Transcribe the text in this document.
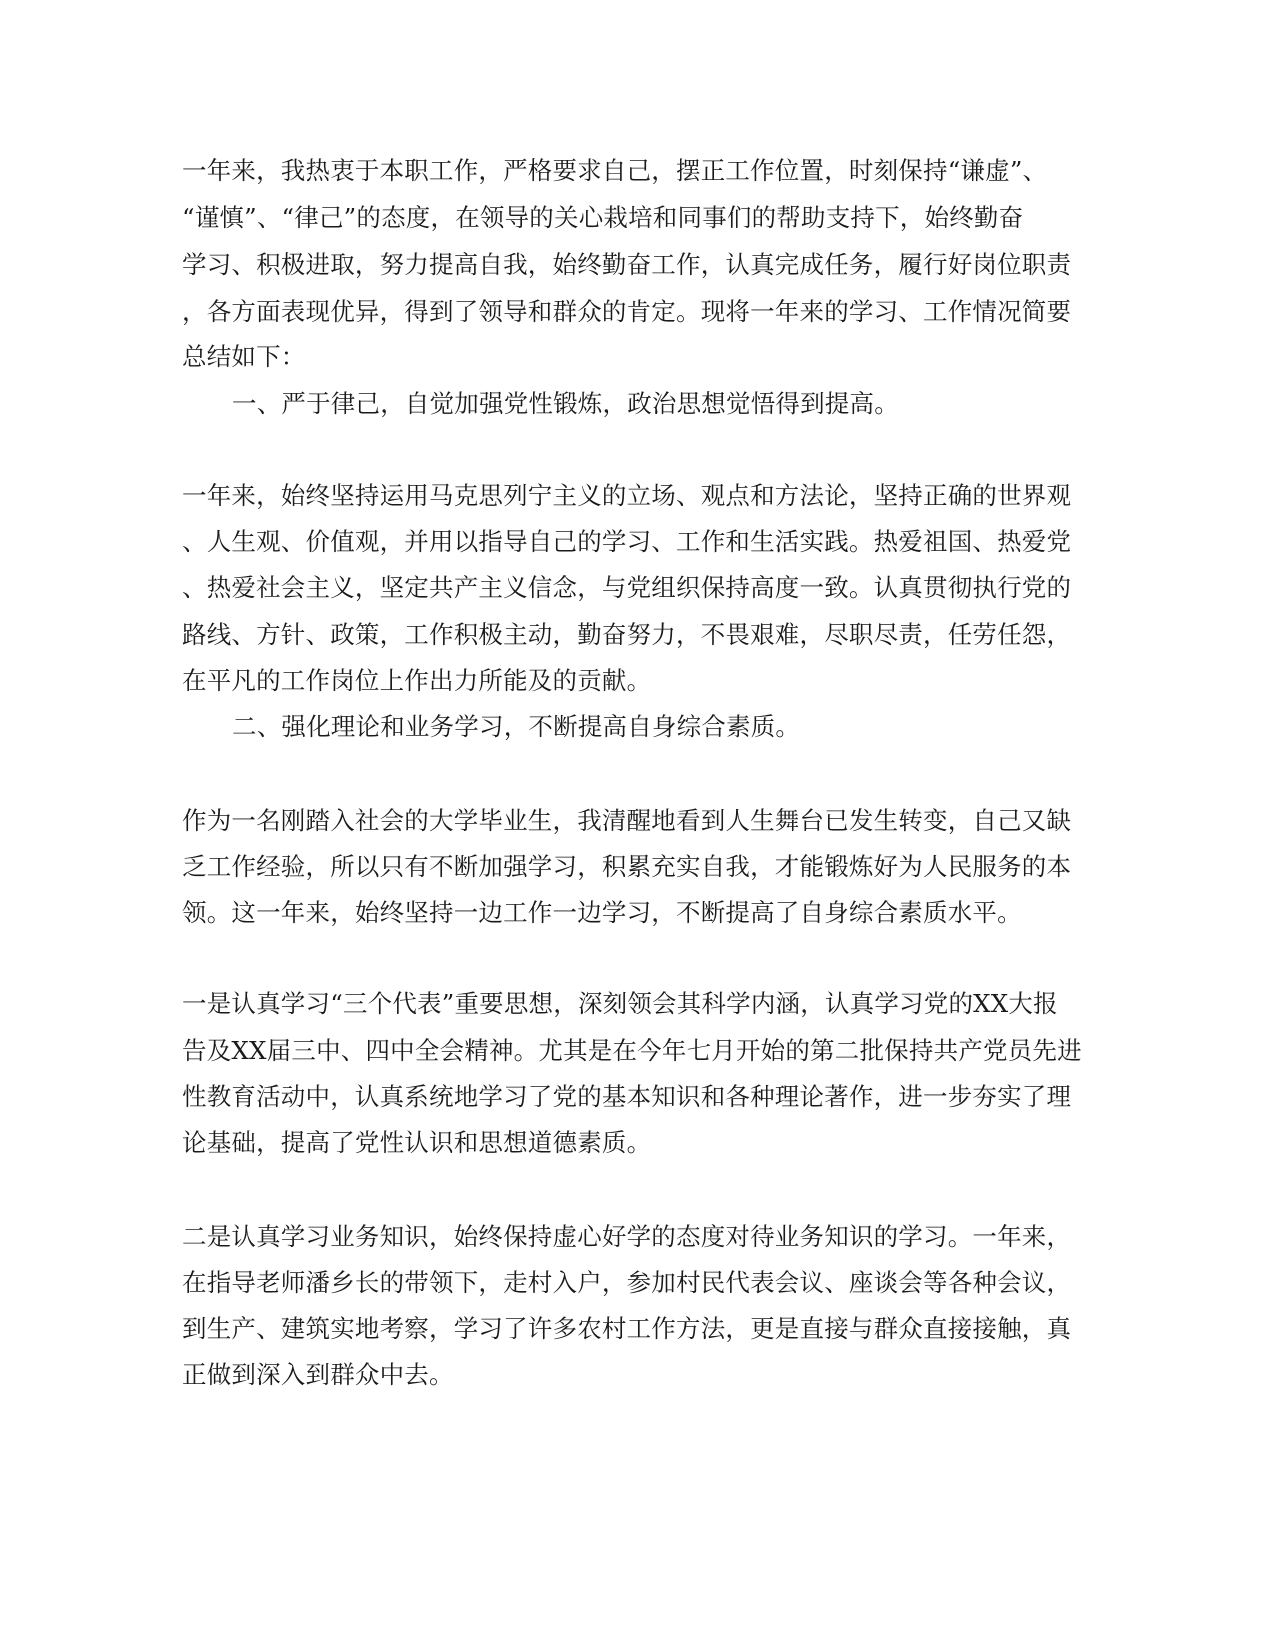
一年来，我热衷于本职工作，严格要求自己，摆正工作位置，时刻保持“谦虚”、
“谨慎”、“律己”的态度，在领导的关心栽培和同事们的帮助支持下，始终勤奋
学习、积极进取，努力提高自我，始终勤奋工作，认真完成任务，履行好岗位职责
，各方面表现优异，得到了领导和群众的肯定。现将一年来的学习、工作情况简要
总结如下：
一、严于律己，自觉加强党性锻炼，政治思想觉悟得到提高。
一年来，始终坚持运用马克思列宁主义的立场、观点和方法论，坚持正确的世界观
、人生观、价值观，并用以指导自己的学习、工作和生活实践。热爱祖国、热爱党
、热爱社会主义，坚定共产主义信念，与党组织保持高度一致。认真贯彻执行党的
路线、方针、政策，工作积极主动，勤奋努力，不畏艰难，尽职尽责，任劳任怨，
在平凡的工作岗位上作出力所能及的贡献。
二、强化理论和业务学习，不断提高自身综合素质。
作为一名刚踏入社会的大学毕业生，我清醒地看到人生舞台已发生转变，自己又缺
乏工作经验，所以只有不断加强学习，积累充实自我，才能锻炼好为人民服务的本
领。这一年来，始终坚持一边工作一边学习，不断提高了自身综合素质水平。
一是认真学习“三个代表”重要思想，深刻领会其科学内涵，认真学习党的XX大报
告及XX届三中、四中全会精神。尤其是在今年七月开始的第二批保持共产党员先进
性教育活动中，认真系统地学习了党的基本知识和各种理论著作，进一步夯实了理
论基础，提高了党性认识和思想道德素质。
二是认真学习业务知识，始终保持虚心好学的态度对待业务知识的学习。一年来，
在指导老师潘乡长的带领下，走村入户，参加村民代表会议、座谈会等各种会议，
到生产、建筑实地考察，学习了许多农村工作方法，更是直接与群众直接接触，真
正做到深入到群众中去。
